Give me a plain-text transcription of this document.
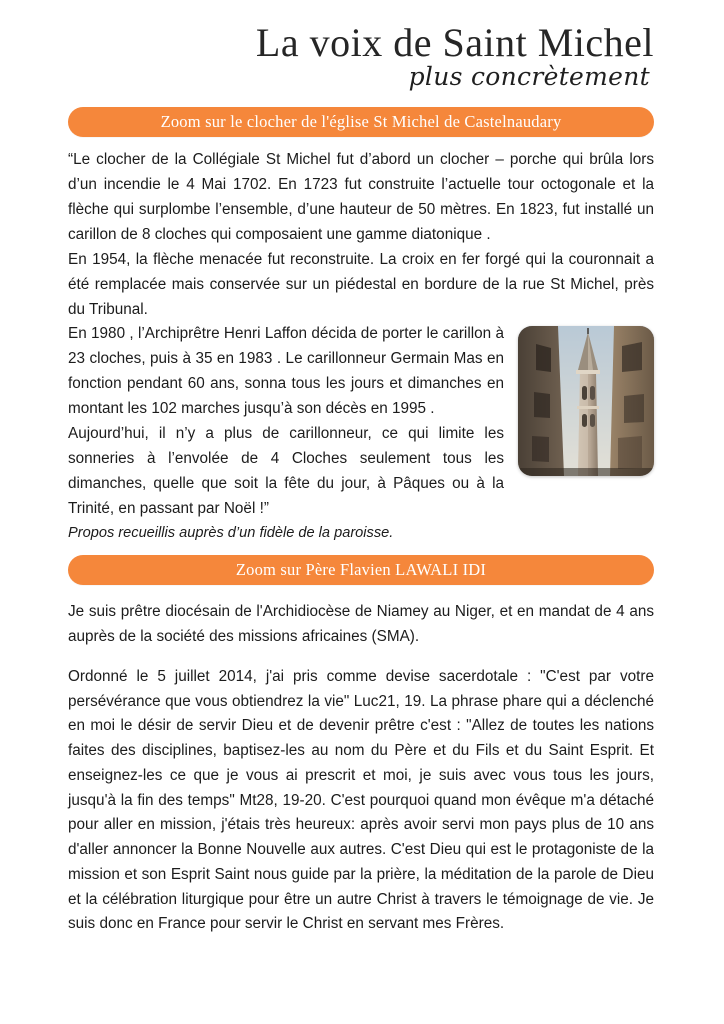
La voix de Saint Michel
plus concrètement
Zoom sur le clocher de l'église St Michel de Castelnaudary

“Le clocher de la Collégiale St Michel fut d’abord un clocher – porche qui brûla lors d’un incendie le 4 Mai 1702. En 1723 fut construite l’actuelle tour octogonale et la flèche qui surplombe l’ensemble, d’une hauteur de 50 mètres. En 1823, fut installé un carillon de 8 cloches qui composaient une gamme diatonique .

En 1954, la flèche menacée fut reconstruite. La croix en fer forgé qui la couronnait a été remplacée mais conservée sur un piédestal en bordure de la rue St Michel, près du Tribunal.

En 1980 , l’Archiprêtre Henri Laffon décida de porter le carillon à 23 cloches, puis à 35 en 1983 . Le carillonneur Germain Mas en fonction pendant 60 ans, sonna tous les jours et dimanches en montant les 102 marches jusqu’à son décès en 1995 .

Aujourd’hui, il n’y a plus de carillonneur, ce qui limite les sonneries à l’envolée de 4 Cloches seulement tous les dimanches, quelle que soit la fête du jour, à Pâques ou à la Trinité, en passant par Noël !”

Propos recueillis auprès d’un fidèle de la paroisse.

Zoom sur Père Flavien LAWALI IDI

Je suis prêtre diocésain de l'Archidiocèse de Niamey au Niger, et en mandat de 4 ans auprès de la société des missions africaines (SMA).

Ordonné le 5 juillet 2014, j'ai pris comme devise sacerdotale : "C'est par votre persévérance que vous obtiendrez la vie" Luc21, 19. La phrase phare qui a déclenché en moi le désir de servir Dieu et de devenir prêtre c'est : "Allez de toutes les nations faites des disciplines, baptisez-les au nom du Père et du Fils et du Saint Esprit. Et enseignez-les ce que je vous ai prescrit et moi, je suis avec vous tous les jours, jusqu'à la fin des temps" Mt28, 19-20. C'est pourquoi quand mon évêque m'a détaché pour aller en mission, j'étais très heureux: après avoir servi mon pays plus de 10 ans d'aller annoncer la Bonne Nouvelle aux autres. C'est Dieu qui est le protagoniste de la mission et son Esprit Saint nous guide par la prière, la méditation de la parole de Dieu et la célébration liturgique pour être un autre Christ à travers le témoignage de vie. Je suis donc en France pour servir le Christ en servant mes Frères.
